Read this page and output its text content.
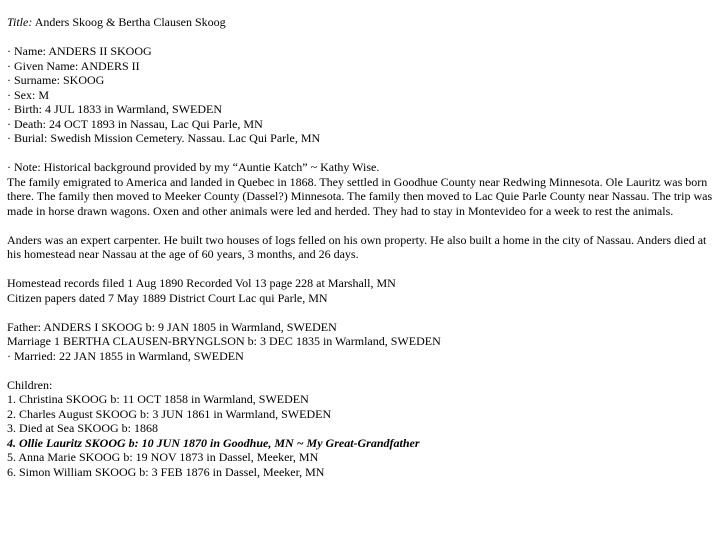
Title: Anders Skoog & Bertha Clausen Skoog
· Name: ANDERS II SKOOG
· Given Name: ANDERS II
· Surname: SKOOG
· Sex: M
· Birth: 4 JUL 1833 in Warmland, SWEDEN
· Death: 24 OCT 1893 in Nassau, Lac Qui Parle, MN
· Burial: Swedish Mission Cemetery. Nassau. Lac Qui Parle, MN
· Note: Historical background provided by my “Auntie Katch” ~ Kathy Wise.
The family emigrated to America and landed in Quebec in 1868. They settled in Goodhue County near Redwing Minnesota. Ole Lauritz was born there. The family then moved to Meeker County (Dassel?) Minnesota. The family then moved to Lac Quie Parle County near Nassau. The trip was made in horse drawn wagons. Oxen and other animals were led and herded. They had to stay in Montevideo for a week to rest the animals.
Anders was an expert carpenter. He built two houses of logs felled on his own property. He also built a home in the city of Nassau. Anders died at his homestead near Nassau at the age of 60 years, 3 months, and 26 days.
Homestead records filed 1 Aug 1890 Recorded Vol 13 page 228 at Marshall, MN
Citizen papers dated 7 May 1889 District Court Lac qui Parle, MN
Father: ANDERS I SKOOG b: 9 JAN 1805 in Warmland, SWEDEN
Marriage 1 BERTHA CLAUSEN-BRYNGLSON b: 3 DEC 1835 in Warmland, SWEDEN
· Married: 22 JAN 1855 in Warmland, SWEDEN
Children:
1. Christina SKOOG b: 11 OCT 1858 in Warmland, SWEDEN
2. Charles August SKOOG b: 3 JUN 1861 in Warmland, SWEDEN
3. Died at Sea SKOOG b: 1868
4. Ollie Lauritz SKOOG b: 10 JUN 1870 in Goodhue, MN ~ My Great-Grandfather
5. Anna Marie SKOOG b: 19 NOV 1873 in Dassel, Meeker, MN
6. Simon William SKOOG b: 3 FEB 1876 in Dassel, Meeker, MN
